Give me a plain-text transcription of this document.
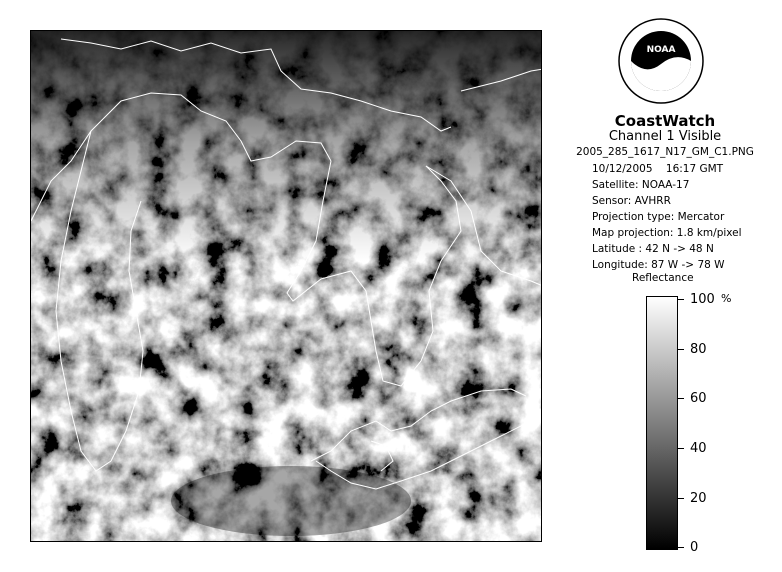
NOAA
CoastWatch
Channel 1 Visible
2005_285_1617_N17_GM_C1.PNG
10/12/2005 16:17 GMT
Satellite: NOAA-17
Sensor: AVHRR
Projection type: Mercator
Map projection: 1.8 km/pixel
Latitude : 42 N -> 48 N
Longitude: 87 W -> 78 W
Reflectance
%
100
80
60
40
20
0
